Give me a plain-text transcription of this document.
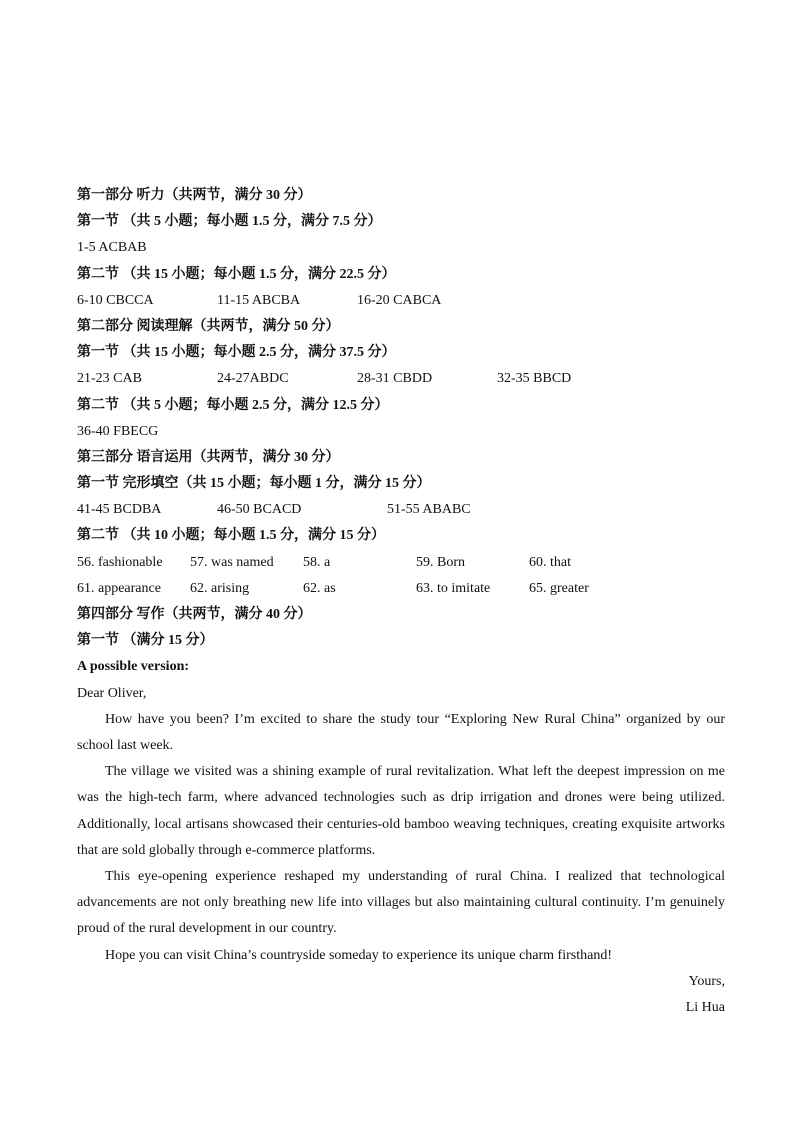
第一部分 听力（共两节，满分 30 分）
第一节 （共 5 小题；每小题 1.5 分，满分 7.5 分）
1-5 ACBAB
第二节 （共 15 小题；每小题 1.5 分，满分 22.5 分）
6-10 CBCCA	11-15 ABCBA	16-20 CABCA
第二部分 阅读理解（共两节，满分 50 分）
第一节 （共 15 小题；每小题 2.5 分，满分 37.5 分）
21-23 CAB	24-27ABDC	28-31 CBDD	32-35 BBCD
第二节 （共 5 小题；每小题 2.5 分，满分 12.5 分）
36-40 FBECG
第三部分 语言运用（共两节，满分 30 分）
第一节 完形填空（共 15 小题；每小题 1 分，满分 15 分）
41-45 BCDBA	46-50 BCACD	51-55 ABABC
第二节 （共 10 小题；每小题 1.5 分，满分 15 分）
56. fashionable	57. was named	58. a	59. Born	60. that
61. appearance	62. arising	62. as	63. to imitate	65. greater
第四部分 写作（共两节，满分 40 分）
第一节 （满分 15 分）
A possible version:
Dear Oliver,

How have you been? I’m excited to share the study tour “Exploring New Rural China” organized by our school last week.

The village we visited was a shining example of rural revitalization. What left the deepest impression on me was the high-tech farm, where advanced technologies such as drip irrigation and drones were being utilized. Additionally, local artisans showcased their centuries-old bamboo weaving techniques, creating exquisite artworks that are sold globally through e-commerce platforms.

This eye-opening experience reshaped my understanding of rural China. I realized that technological advancements are not only breathing new life into villages but also maintaining cultural continuity. I’m genuinely proud of the rural development in our country.

Hope you can visit China’s countryside someday to experience its unique charm firsthand!

Yours,
Li Hua
